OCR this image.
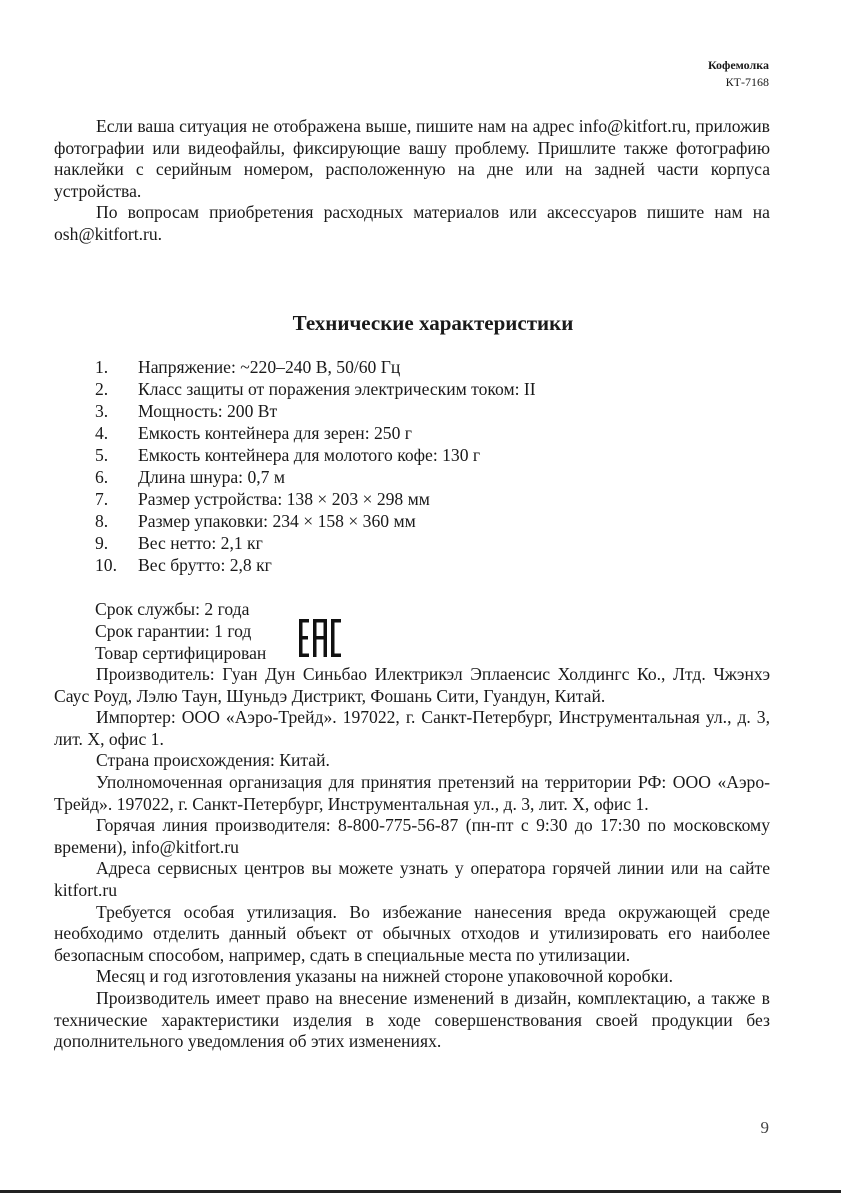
Кофемолка
КТ-7168

Если ваша ситуация не отображена выше, пишите нам на адрес info@kitfort.ru, приложив фотографии или видеофайлы, фиксирующие вашу проблему. Пришлите также фотографию наклейки с серийным номером, расположенную на дне или на задней части корпуса устройства.

По вопросам приобретения расходных материалов или аксессуаров пишите нам на osh@kitfort.ru.

Технические характеристики
1.	Напряжение: ~220–240 В, 50/60 Гц
2.	Класс защиты от поражения электрическим током: II
3.	Мощность: 200 Вт
4.	Емкость контейнера для зерен: 250 г
5.	Емкость контейнера для молотого кофе: 130 г
6.	Длина шнура: 0,7 м
7.	Размер устройства: 138 × 203 × 298 мм
8.	Размер упаковки: 234 × 158 × 360 мм
9.	Вес нетто: 2,1 кг
10.	Вес брутто: 2,8 кг
Срок службы: 2 года
Срок гарантии: 1 год
Товар сертифицирован

Производитель: Гуан Дун Синьбао Илектрикэл Эплаенсис Холдингс Ко., Лтд. Чжэнхэ Саус Роуд, Лэлю Таун, Шуньдэ Дистрикт, Фошань Сити, Гуандун, Китай.

Импортер: ООО «Аэро-Трейд». 197022, г. Санкт-Петербург, Инструментальная ул., д. 3, лит. Х, офис 1.

Страна происхождения: Китай.

Уполномоченная организация для принятия претензий на территории РФ: ООО «Аэро-Трейд». 197022, г. Санкт-Петербург, Инструментальная ул., д. 3, лит. Х, офис 1.

Горячая линия производителя: 8-800-775-56-87 (пн-пт с 9:30 до 17:30 по московскому времени), info@kitfort.ru

Адреса сервисных центров вы можете узнать у оператора горячей линии или на сайте kitfort.ru

Требуется особая утилизация. Во избежание нанесения вреда окружающей среде необходимо отделить данный объект от обычных отходов и утилизировать его наиболее безопасным способом, например, сдать в специальные места по утилизации.

Месяц и год изготовления указаны на нижней стороне упаковочной коробки.

Производитель имеет право на внесение изменений в дизайн, комплектацию, а также в технические характеристики изделия в ходе совершенствования своей продукции без дополнительного уведомления об этих изменениях.

9
